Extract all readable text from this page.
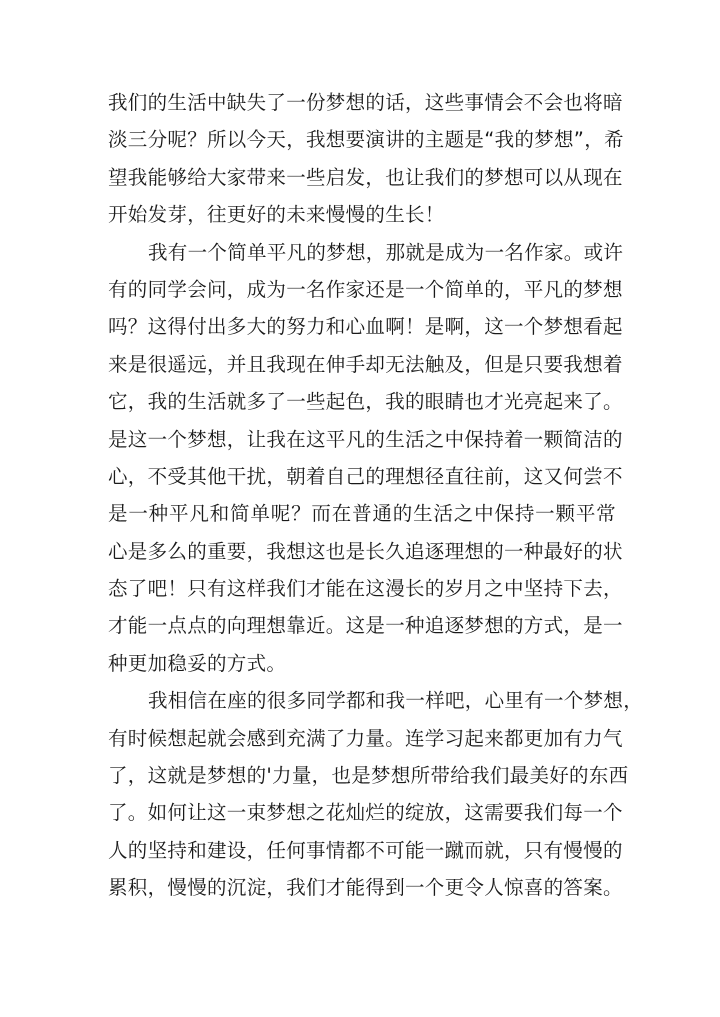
我们的生活中缺失了一份梦想的话，这些事情会不会也将暗
淡三分呢？所以今天，我想要演讲的主题是“我的梦想”，希
望我能够给大家带来一些启发，也让我们的梦想可以从现在
开始发芽，往更好的未来慢慢的生长！
我有一个简单平凡的梦想，那就是成为一名作家。或许
有的同学会问，成为一名作家还是一个简单的，平凡的梦想
吗？这得付出多大的努力和心血啊！是啊，这一个梦想看起
来是很遥远，并且我现在伸手却无法触及，但是只要我想着
它，我的生活就多了一些起色，我的眼睛也才光亮起来了。
是这一个梦想，让我在这平凡的生活之中保持着一颗简洁的
心，不受其他干扰，朝着自己的理想径直往前，这又何尝不
是一种平凡和简单呢？而在普通的生活之中保持一颗平常
心是多么的重要，我想这也是长久追逐理想的一种最好的状
态了吧！只有这样我们才能在这漫长的岁月之中坚持下去，
才能一点点的向理想靠近。这是一种追逐梦想的方式，是一
种更加稳妥的方式。
我相信在座的很多同学都和我一样吧，心里有一个梦想，
有时候想起就会感到充满了力量。连学习起来都更加有力气
了，这就是梦想的'力量，也是梦想所带给我们最美好的东西
了。如何让这一束梦想之花灿烂的绽放，这需要我们每一个
人的坚持和建设，任何事情都不可能一蹴而就，只有慢慢的
累积，慢慢的沉淀，我们才能得到一个更令人惊喜的答案。
